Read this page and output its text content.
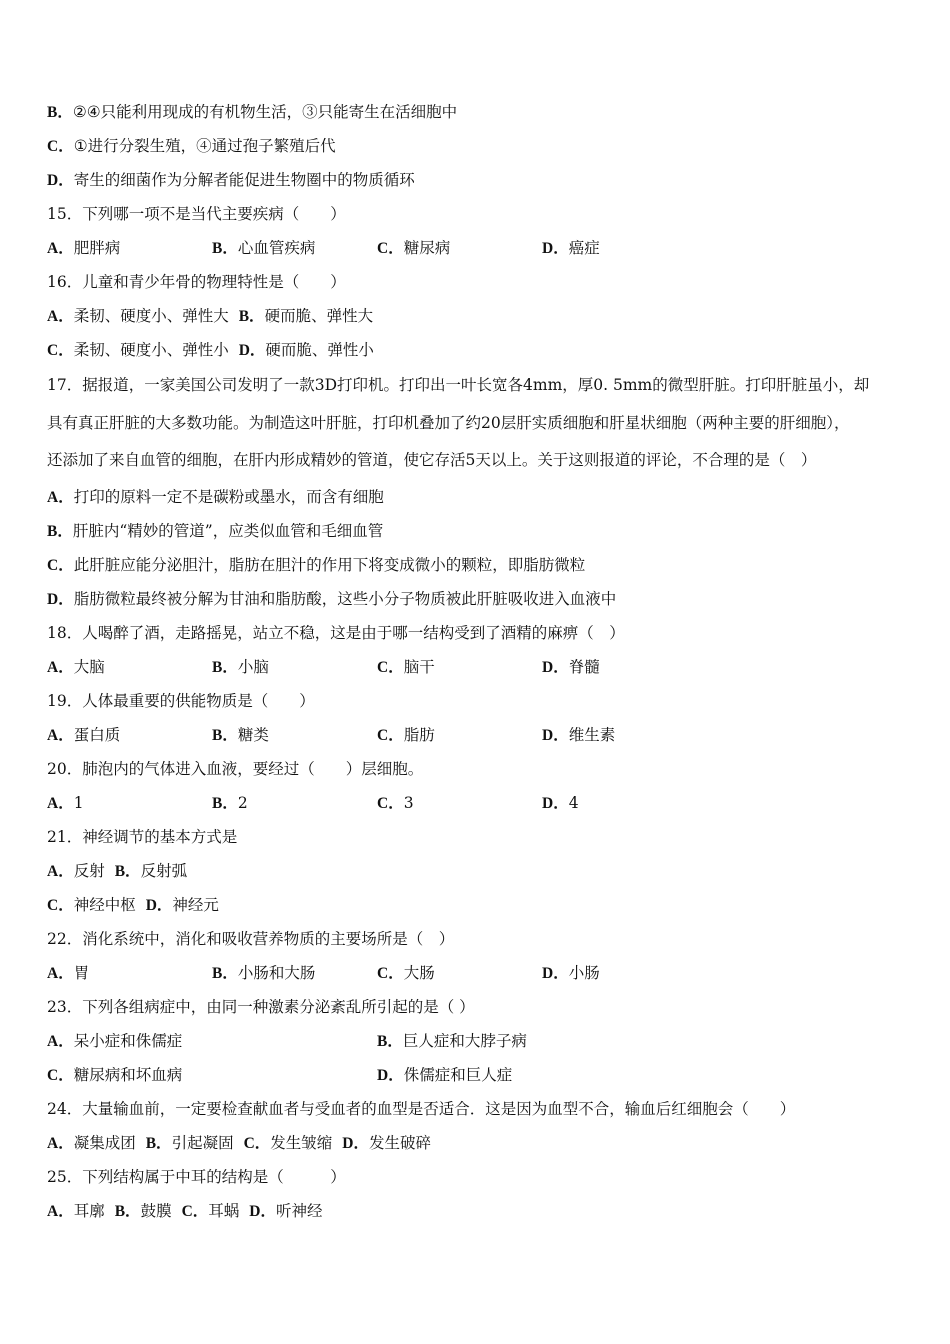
B．②④只能利用现成的有机物生活，③只能寄生在活细胞中
C．①进行分裂生殖，④通过孢子繁殖后代
D．寄生的细菌作为分解者能促进生物圈中的物质循环
15．下列哪一项不是当代主要疾病（　　）
A．肥胖病	B．心血管疾病	C．糖尿病	D．癌症
16．儿童和青少年骨的物理特性是（　　）
A．柔韧、硬度小、弹性大 B．硬而脆、弹性大
C．柔韧、硬度小、弹性小 D．硬而脆、弹性小
17．据报道，一家美国公司发明了一款3D打印机。打印出一叶长宽各4mm，厚0. 5mm的微型肝脏。打印肝脏虽小，却
具有真正肝脏的大多数功能。为制造这叶肝脏，打印机叠加了约20层肝实质细胞和肝星状细胞（两种主要的肝细胞），
还添加了来自血管的细胞，在肝内形成精妙的管道，使它存活5天以上。关于这则报道的评论，不合理的是（　）
A．打印的原料一定不是碳粉或墨水，而含有细胞
B．肝脏内“精妙的管道”，应类似血管和毛细血管
C．此肝脏应能分泌胆汁，脂肪在胆汁的作用下将变成微小的颗粒，即脂肪微粒
D．脂肪微粒最终被分解为甘油和脂肪酸，这些小分子物质被此肝脏吸收进入血液中
18．人喝醉了酒，走路摇晃，站立不稳，这是由于哪一结构受到了酒精的麻痹（　）
A．大脑	B．小脑	C．脑干	D．脊髓
19．人体最重要的供能物质是（　　）
A．蛋白质	B．糖类	C．脂肪	D．维生素
20．肺泡内的气体进入血液，要经过（　　）层细胞。
A．1	B．2	C．3	D．4
21．神经调节的基本方式是
A．反射 B．反射弧
C．神经中枢 D．神经元
22．消化系统中，消化和吸收营养物质的主要场所是（　）
A．胃	B．小肠和大肠	C．大肠	D．小肠
23．下列各组病症中，由同一种激素分泌紊乱所引起的是（ ）
A．呆小症和侏儒症	B．巨人症和大脖子病
C．糖尿病和坏血病	D．侏儒症和巨人症
24．大量输血前，一定要检查献血者与受血者的血型是否适合．这是因为血型不合，输血后红细胞会（　　）
A．凝集成团 B．引起凝固 C．发生皱缩 D．发生破碎
25．下列结构属于中耳的结构是（　　　）
A．耳廓 B．鼓膜 C．耳蜗 D．听神经
